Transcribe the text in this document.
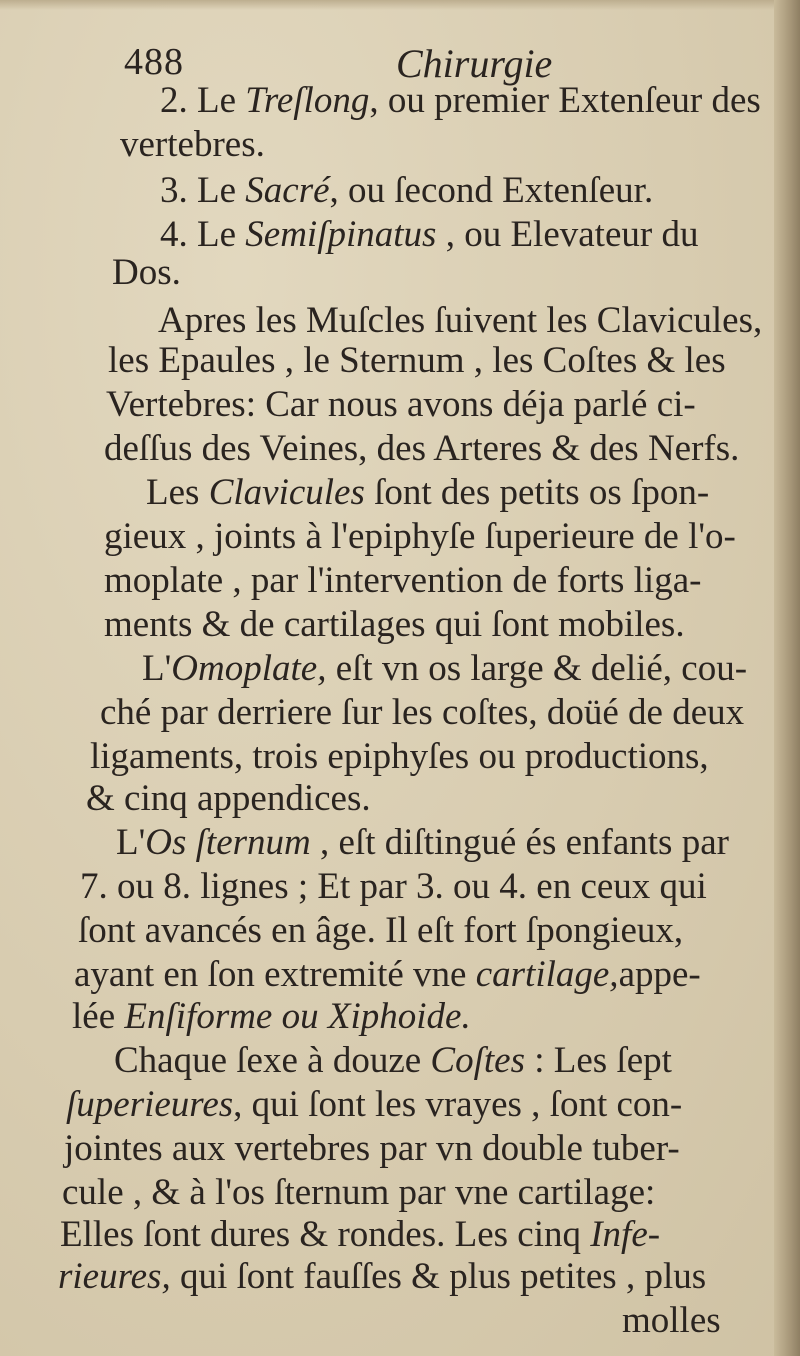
488	Chirurgie
2. Le Treſlong, ou premier Extenſeur des
vertebres.
3. Le Sacré, ou ſecond Extenſeur.
4. Le Semiſpinatus , ou Elevateur du
Dos.
Apres les Muſcles ſuivent les Clavicules,
les Epaules , le Sternum , les Coſtes & les
Vertebres: Car nous avons déja parlé ci-
deſſus des Veines, des Arteres & des Nerfs.
Les Clavicules ſont des petits os ſpon-
gieux , joints à l'epiphyſe ſuperieure de l'o-
moplate , par l'intervention de forts liga-
ments & de cartilages qui ſont mobiles.
L'Omoplate, eſt vn os large & delié, cou-
ché par derriere ſur les coſtes, doüé de deux
ligaments, trois epiphyſes ou productions,
& cinq appendices.
L'Os ſternum , eſt diſtingué és enfants par
7. ou 8. lignes ; Et par 3. ou 4. en ceux qui
ſont avancés en âge. Il eſt fort ſpongieux,
ayant en ſon extremité vne cartilage,appe-
lée Enſiforme ou Xiphoide.
Chaque ſexe à douze Coſtes : Les ſept
ſuperieures, qui ſont les vrayes , ſont con-
jointes aux vertebres par vn double tuber-
cule , & à l'os ſternum par vne cartilage:
Elles ſont dures & rondes. Les cinq Infe-
rieures, qui ſont fauſſes & plus petites , plus
molles
